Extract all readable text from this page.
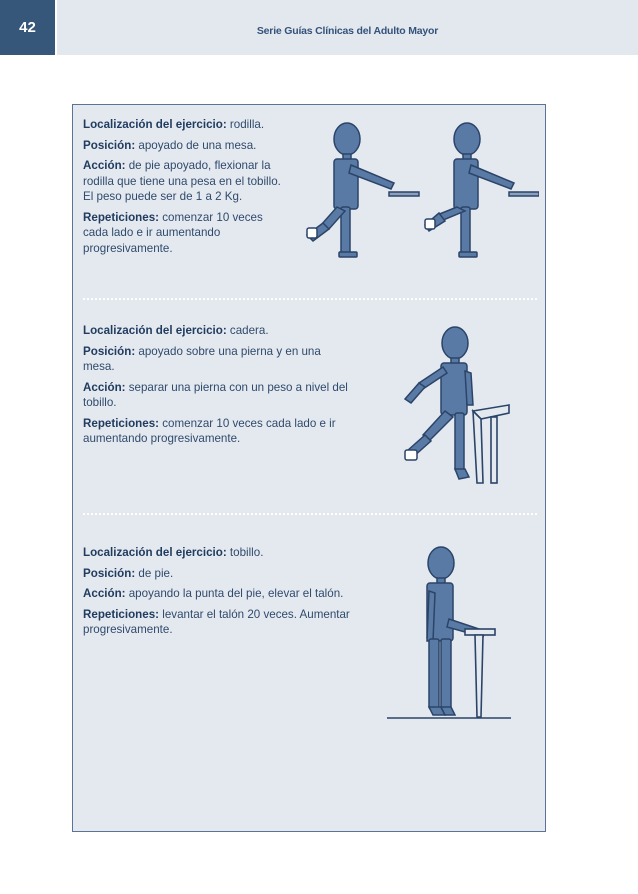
42	Serie Guías Clínicas del Adulto Mayor

Localización del ejercicio: rodilla.

Posición: apoyado de una mesa.

Acción: de pie apoyado, flexionar la rodilla que tiene una pesa en el tobillo. El peso puede ser de 1 a 2 Kg.

Repeticiones: comenzar 10 veces cada lado e ir aumentando progresivamente.

Localización del ejercicio: cadera.

Posición: apoyado sobre una pierna y en una mesa.

Acción: separar una pierna con un peso a nivel del tobillo.

Repeticiones: comenzar 10 veces cada lado e ir aumentando progresivamente.

Localización del ejercicio: tobillo.

Posición: de pie.

Acción: apoyando la punta del pie, elevar el talón.

Repeticiones: levantar el talón 20 veces. Aumentar progresivamente.
